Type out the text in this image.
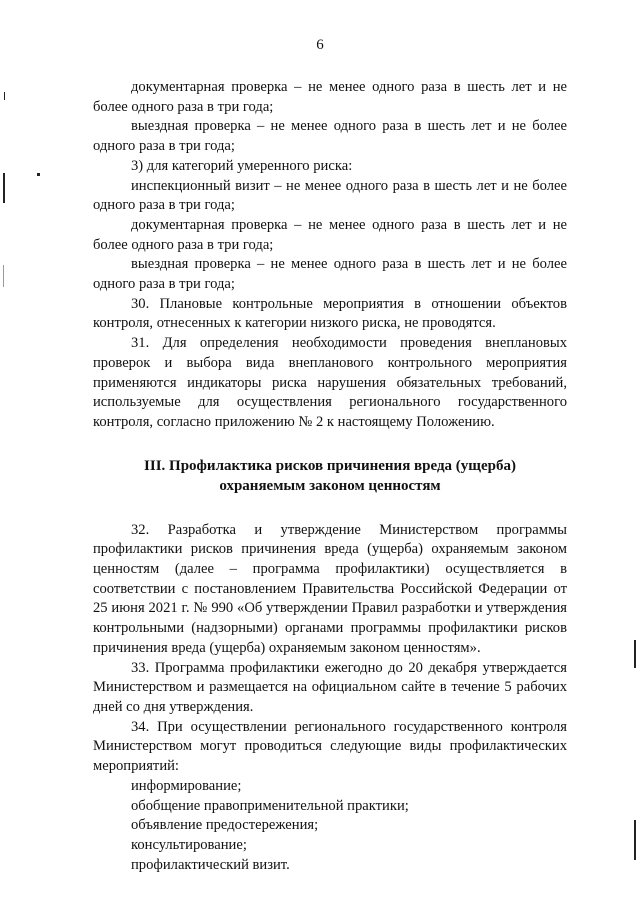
6

документарная проверка – не менее одного раза в шесть лет и не более одного раза в три года;

выездная проверка – не менее одного раза в шесть лет и не более одного раза в три года;

3) для категорий умеренного риска:

инспекционный визит – не менее одного раза в шесть лет и не более одного раза в три года;

документарная проверка – не менее одного раза в шесть лет и не более одного раза в три года;

выездная проверка – не менее одного раза в шесть лет и не более одного раза в три года;

30. Плановые контрольные мероприятия в отношении объектов контроля, отнесенных к категории низкого риска, не проводятся.

31. Для определения необходимости проведения внеплановых проверок и выбора вида внепланового контрольного мероприятия применяются индикаторы риска нарушения обязательных требований, используемые для осуществления регионального государственного контроля, согласно приложению № 2 к настоящему Положению.

III. Профилактика рисков причинения вреда (ущерба)
охраняемым законом ценностям

32. Разработка и утверждение Министерством программы профилактики рисков причинения вреда (ущерба) охраняемым законом ценностям (далее – программа профилактики) осуществляется в соответствии с постановлением Правительства Российской Федерации от 25 июня 2021 г. № 990 «Об утверждении Правил разработки и утверждения контрольными (надзорными) органами программы профилактики рисков причинения вреда (ущерба) охраняемым законом ценностям».

33. Программа профилактики ежегодно до 20 декабря утверждается Министерством и размещается на официальном сайте в течение 5 рабочих дней со дня утверждения.

34. При осуществлении регионального государственного контроля Министерством могут проводиться следующие виды профилактических мероприятий:

информирование;
обобщение правоприменительной практики;
объявление предостережения;
консультирование;
профилактический визит.
